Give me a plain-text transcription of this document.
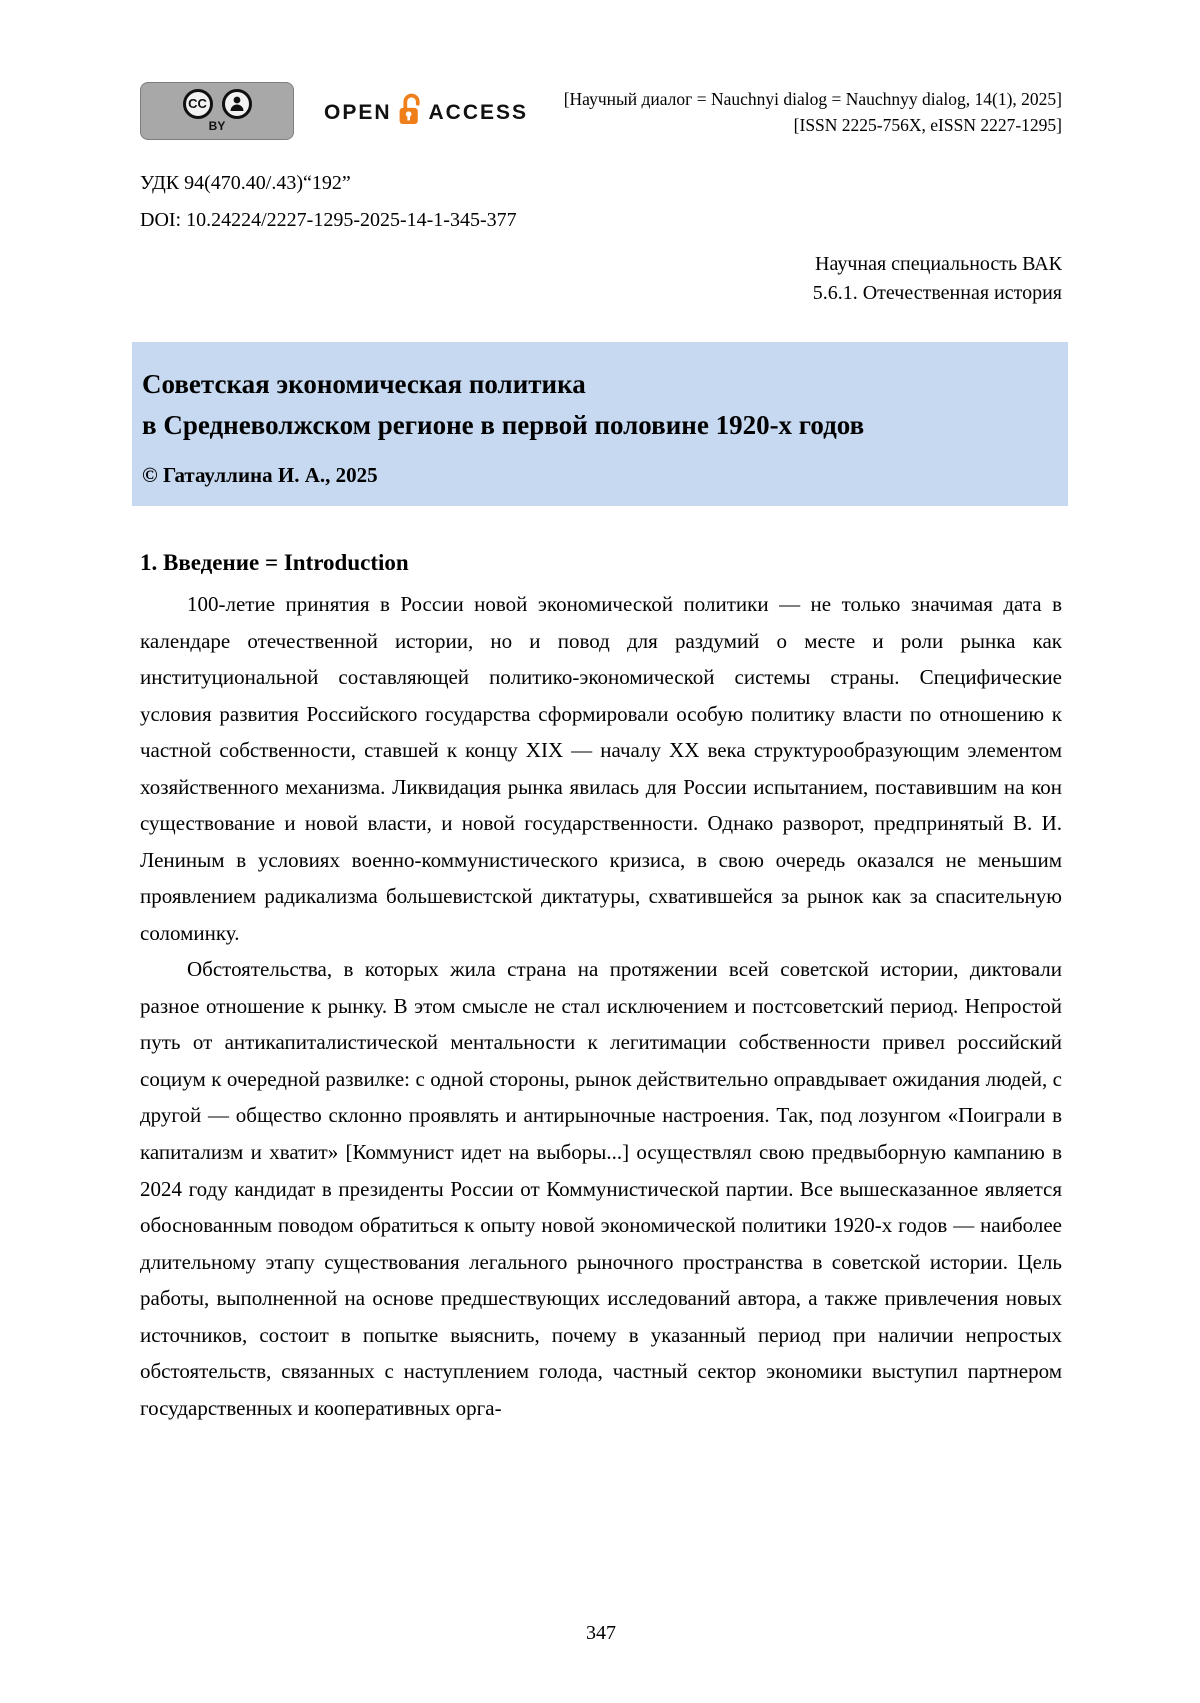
CC
BY
OPEN ACCESS
[Научный диалог = Nauchnyi dialog = Nauchnyy dialog, 14(1), 2025]
[ISSN 2225-756X, eISSN 2227-1295]

УДК 94(470.40/.43)“192”

DOI: 10.24224/2227-1295-2025-14-1-345-377

Научная специальность ВАК
5.6.1. Отечественная история
Советская экономическая политика
в Средневолжском регионе в первой половине 1920-х годов
© Гатауллина И. А., 2025
1. Введение = Introduction

100-летие принятия в России новой экономической политики — не только значимая дата в календаре отечественной истории, но и повод для раздумий о месте и роли рынка как институциональной составляющей политико-экономической системы страны. Специфические условия развития Российского государства сформировали особую политику власти по отношению к частной собственности, ставшей к концу XIX — началу XX века структурообразующим элементом хозяйственного механизма. Ликвидация рынка явилась для России испытанием, поставившим на кон существование и новой власти, и новой государственности. Однако разворот, предпринятый В. И. Лениным в условиях военно-коммунистического кризиса, в свою очередь оказался не меньшим проявлением радикализма большевистской диктатуры, схватившейся за рынок как за спасительную соломинку.

Обстоятельства, в которых жила страна на протяжении всей советской истории, диктовали разное отношение к рынку. В этом смысле не стал исключением и постсоветский период. Непростой путь от антикапиталистической ментальности к легитимации собственности привел российский социум к очередной развилке: с одной стороны, рынок действительно оправдывает ожидания людей, с другой — общество склонно проявлять и антирыночные настроения. Так, под лозунгом «Поиграли в капитализм и хватит» [Коммунист идет на выборы...] осуществлял свою предвыборную кампанию в 2024 году кандидат в президенты России от Коммунистической партии. Все вышесказанное является обоснованным поводом обратиться к опыту новой экономической политики 1920-х годов — наиболее длительному этапу существования легального рыночного пространства в советской истории. Цель работы, выполненной на основе предшествующих исследований автора, а также привлечения новых источников, состоит в попытке выяснить, почему в указанный период при наличии непростых обстоятельств, связанных с наступлением голода, частный сектор экономики выступил партнером государственных и кооперативных орга-

347
